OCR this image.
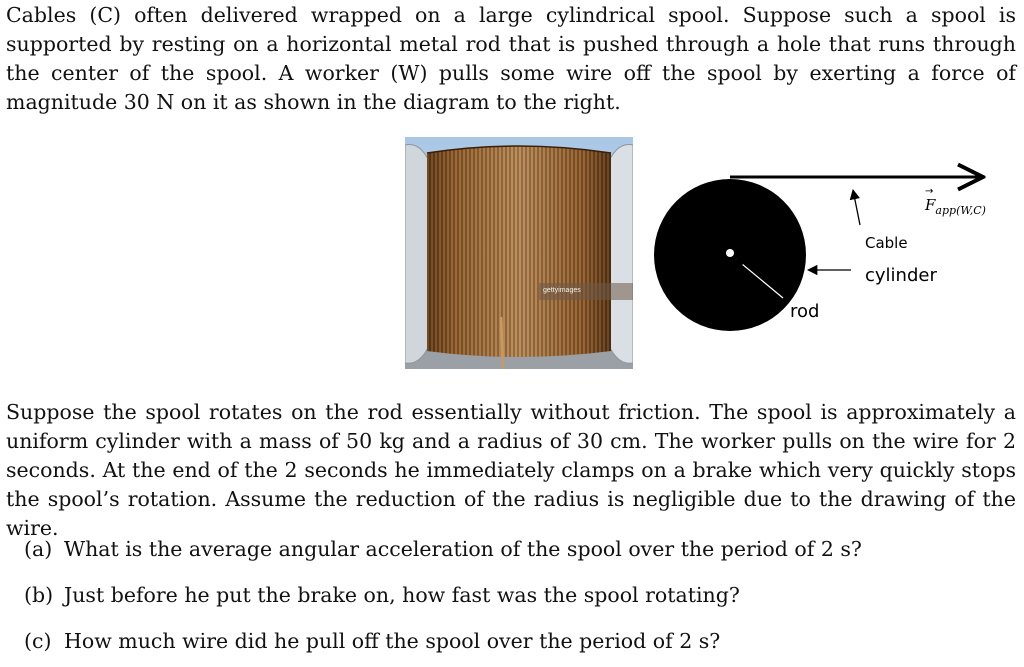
Cables (C) often delivered wrapped on a large cylindrical spool. Suppose such a spool is supported by resting on a horizontal metal rod that is pushed through a hole that runs through the center of the spool. A worker (W) pulls some wire off the spool by exerting a force of magnitude 30 N on it as shown in the diagram to the right.

gettyimages
$F_{app(W,C)}$
→
Cable
cylinder
rod

Suppose the spool rotates on the rod essentially without friction. The spool is approximately a uniform cylinder with a mass of 50 kg and a radius of 30 cm. The worker pulls on the wire for 2 seconds. At the end of the 2 seconds he immediately clamps on a brake which very quickly stops the spool’s rotation. Assume the reduction of the radius is negligible due to the drawing of the wire.

(a) What is the average angular acceleration of the spool over the period of 2 s?
(b) Just before he put the brake on, how fast was the spool rotating?
(c) How much wire did he pull off the spool over the period of 2 s?
